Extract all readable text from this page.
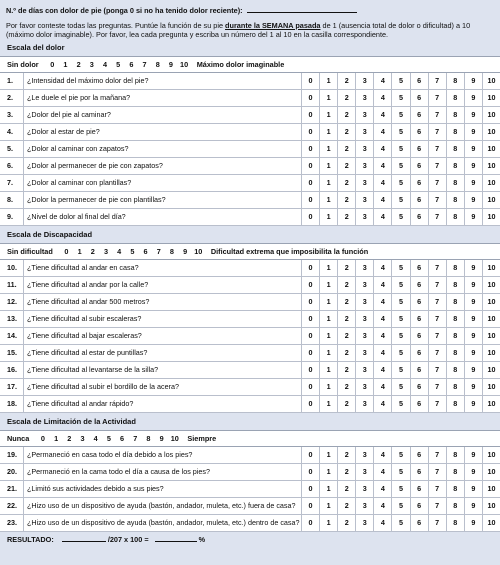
N.º de días con dolor de pie (ponga 0 si no ha tenido dolor reciente):
Por favor conteste todas las preguntas. Puntúe la función de su pie durante la SEMANA pasada de 1 (ausencia total de dolor o dificultad) a 10 (máximo dolor imaginable). Por favor, lea cada pregunta y escriba un número del 1 al 10 en la casilla correspondiente.
Escala del dolor
Sin dolor	0	1	2	3	4	5	6	7	8	9 10	Máximo dolor imaginable
1.	¿Intensidad del máximo dolor del pie?	0	1	2	3	4	5	6	7	8	9	10
2.	¿Le duele el pie por la mañana?	0	1	2	3	4	5	6	7	8	9	10
3.	¿Dolor del pie al caminar?	0	1	2	3	4	5	6	7	8	9	10
4.	¿Dolor al estar de pie?	0	1	2	3	4	5	6	7	8	9	10
5.	¿Dolor al caminar con zapatos?	0	1	2	3	4	5	6	7	8	9	10
6.	¿Dolor al permanecer de pie con zapatos?	0	1	2	3	4	5	6	7	8	9	10
7.	¿Dolor al caminar con plantillas?	0	1	2	3	4	5	6	7	8	9	10
8.	¿Dolor la permanecer de pie con plantillas?	0	1	2	3	4	5	6	7	8	9	10
9.	¿Nivel de dolor al final del día?	0	1	2	3	4	5	6	7	8	9	10
Escala de Discapacidad
Sin dificultad	0	1	2	3	4	5	6	7	8	9 10	Dificultad extrema que imposibilita la función
10.	¿Tiene dificultad al andar en casa?	0	1	2	3	4	5	6	7	8	9	10
11.	¿Tiene dificultad al andar por la calle?	0	1	2	3	4	5	6	7	8	9	10
12.	¿Tiene dificultad al andar 500 metros?	0	1	2	3	4	5	6	7	8	9	10
13.	¿Tiene dificultad al subir escaleras?	0	1	2	3	4	5	6	7	8	9	10
14.	¿Tiene dificultad al bajar escaleras?	0	1	2	3	4	5	6	7	8	9	10
15.	¿Tiene dificultad al estar de puntillas?	0	1	2	3	4	5	6	7	8	9	10
16.	¿Tiene dificultad al levantarse de la silla?	0	1	2	3	4	5	6	7	8	9	10
17.	¿Tiene dificultad al subir el bordillo de la acera?	0	1	2	3	4	5	6	7	8	9	10
18.	¿Tiene dificultad al andar rápido?	0	1	2	3	4	5	6	7	8	9	10
Escala de Limitación de la Actividad
Nunca	0	1	2	3	4	5	6	7	8	9 10	Siempre
19.	¿Permaneció en casa todo el día debido a los pies?	0	1	2	3	4	5	6	7	8	9	10
20.	¿Permaneció en la cama todo el día a causa de los pies?	0	1	2	3	4	5	6	7	8	9	10
21.	¿Limitó sus actividades debido a sus pies?	0	1	2	3	4	5	6	7	8	9	10
22.	¿Hizo uso de un dispositivo de ayuda (bastón, andador, muleta, etc.) fuera de casa?	0	1	2	3	4	5	6	7	8	9	10
23.	¿Hizo uso de un dispositivo de ayuda (bastón, andador, muleta, etc.) dentro de casa?	0	1	2	3	4	5	6	7	8	9	10
RESULTADO:	/207 x 100 =	%
